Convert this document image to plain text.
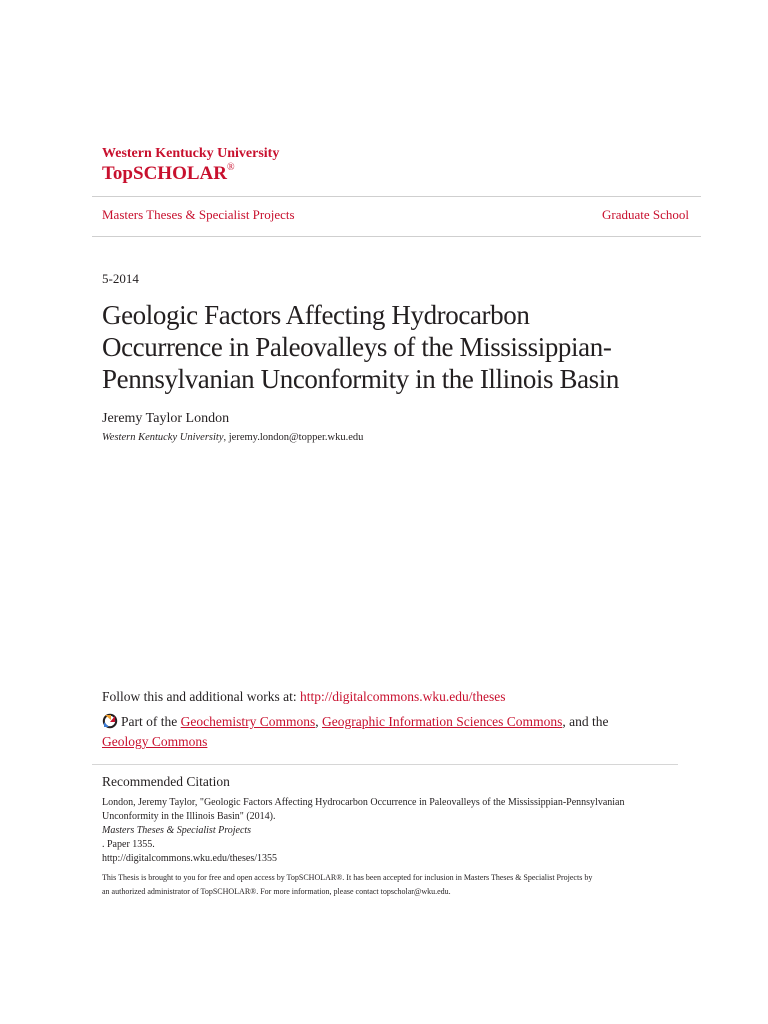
Western Kentucky University
TopSCHOLAR®
Masters Theses & Specialist Projects	Graduate School
5-2014
Geologic Factors Affecting Hydrocarbon
Occurrence in Paleovalleys of the Mississippian-
Pennsylvanian Unconformity in the Illinois Basin
Jeremy Taylor London
Western Kentucky University, jeremy.london@topper.wku.edu
Follow this and additional works at: http://digitalcommons.wku.edu/theses
Part of the Geochemistry Commons, Geographic Information Sciences Commons, and the
Geology Commons
Recommended Citation
London, Jeremy Taylor, "Geologic Factors Affecting Hydrocarbon Occurrence in Paleovalleys of the Mississippian-Pennsylvanian
Unconformity in the Illinois Basin" (2014).
Masters Theses & Specialist Projects
. Paper 1355.
http://digitalcommons.wku.edu/theses/1355
This Thesis is brought to you for free and open access by TopSCHOLAR®. It has been accepted for inclusion in Masters Theses & Specialist Projects by
an authorized administrator of TopSCHOLAR®. For more information, please contact topscholar@wku.edu.
